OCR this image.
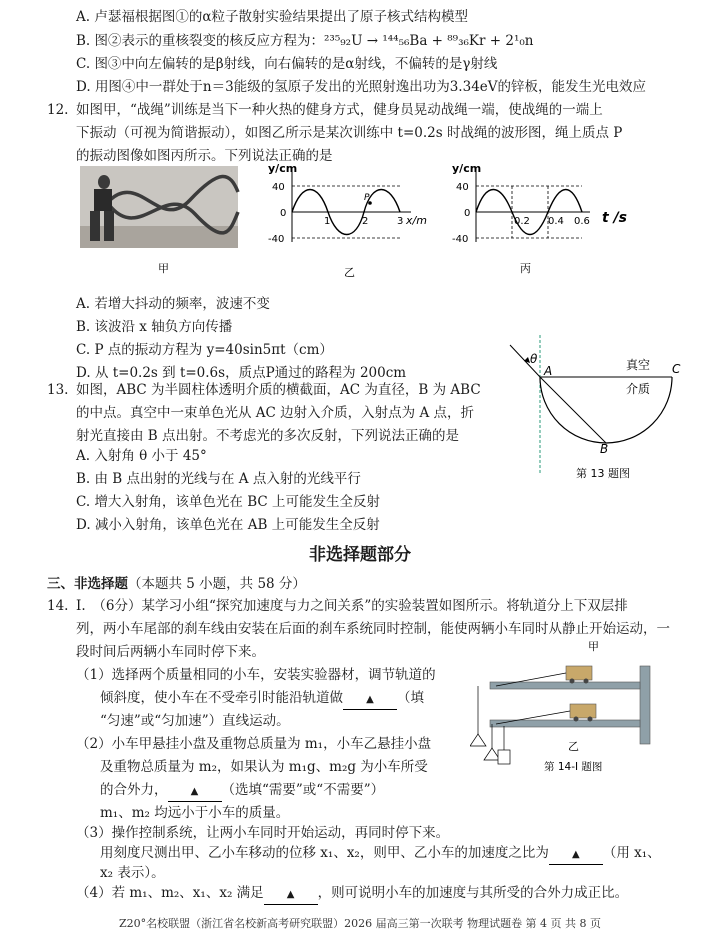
A. 卢瑟福根据图①的α粒子散射实验结果提出了原子核式结构模型
B. 图②表示的重核裂变的核反应方程为：²³⁵₉₂U → ¹⁴⁴₅₆Ba + ⁸⁹₃₆Kr + 2¹₀n
C. 图③中向左偏转的是β射线，向右偏转的是α射线，不偏转的是γ射线
D. 用图④中一群处于n＝3能级的氢原子发出的光照射逸出功为3.34eV的锌板，能发生光电效应
12. 如图甲，“战绳”训练是当下一种火热的健身方式，健身员晃动战绳一端，使战绳的一端上
下振动（可视为简谐振动），如图乙所示是某次训练中 t=0.2s 时战绳的波形图，绳上质点 P
的振动图像如图丙所示。下列说法正确的是
y/cm
40
0
-40
1	2	3 x/m
P
y/cm
40
0
-40
0.2 0.4 0.6 t /s
甲	乙	丙
A. 若增大抖动的频率，波速不变
B. 该波沿 x 轴负方向传播
C. P 点的振动方程为 y=40sin5πt（cm）
D. 从 t=0.2s 到 t=0.6s，质点P通过的路程为 200cm
13. 如图，ABC 为半圆柱体透明介质的横截面，AC 为直径，B 为 ABC
的中点。真空中一束单色光从 AC 边射入介质，入射点为 A 点，折
射光直接由 B 点出射。不考虑光的多次反射，下列说法正确的是
A. 入射角 θ 小于 45°
B. 由 B 点出射的光线与在 A 点入射的光线平行
C. 增大入射角，该单色光在 BC 上可能发生全反射
D. 减小入射角，该单色光在 AB 上可能发生全反射
θ
A	C
B
真空
介质
第 13 题图
非选择题部分
三、非选择题（本题共 5 小题，共 58 分）
14. I.　（6分）某学习小组“探究加速度与力之间关系”的实验装置如图所示。将轨道分上下双层排
列，两小车尾部的刹车线由安装在后面的刹车系统同时控制，能使两辆小车同时从静止开始运动，一
段时间后两辆小车同时停下来。
（1）选择两个质量相同的小车，安装实验器材，调节轨道的
倾斜度，使小车在不受牵引时能沿轨道做 ▲ （填
“匀速”或“匀加速”）直线运动。
（2）小车甲悬挂小盘及重物总质量为 m₁，小车乙悬挂小盘
及重物总质量为 m₂，如果认为 m₁g、m₂g 为小车所受
的合外力， ▲ （选填“需要”或“不需要”）
m₁、m₂ 均远小于小车的质量。
（3）操作控制系统，让两小车同时开始运动，再同时停下来。
用刻度尺测出甲、乙小车移动的位移 x₁、x₂，则甲、乙小车的加速度之比为 ▲ （用 x₁、
x₂ 表示）。
（4）若 m₁、m₂、x₁、x₂ 满足 ▲ ，则可说明小车的加速度与其所受的合外力成正比。
甲
乙
第 14-Ⅰ 题图
Z20°名校联盟（浙江省名校新高考研究联盟）2026 届高三第一次联考 物理试题卷 第 4 页 共 8 页
